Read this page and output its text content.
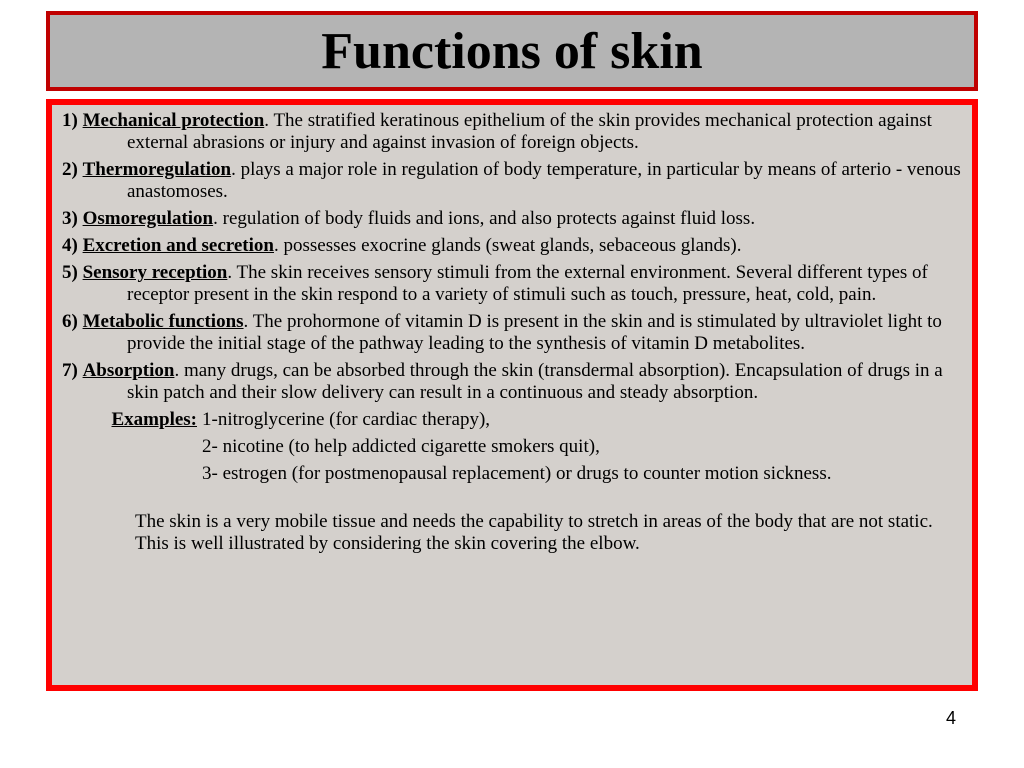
Functions of skin
1) Mechanical protection. The stratified keratinous epithelium of the skin provides mechanical protection against external abrasions or injury and against invasion of foreign objects.
2) Thermoregulation. plays a major role in regulation of body temperature, in particular by means of arterio - venous anastomoses.
3) Osmoregulation. regulation of body fluids and ions, and also protects against fluid loss.
4) Excretion and secretion. possesses exocrine glands (sweat glands, sebaceous glands).
5) Sensory reception. The skin receives sensory stimuli from the external environment. Several different types of receptor present in the skin respond to a variety of stimuli such as touch, pressure, heat, cold, pain.
6) Metabolic functions. The prohormone of vitamin D is present in the skin and is stimulated by ultraviolet light to provide the initial stage of the pathway leading to the synthesis of vitamin D metabolites.
7) Absorption. many drugs, can be absorbed through the skin (transdermal absorption). Encapsulation of drugs in a skin patch and their slow delivery can result in a continuous and steady absorption.
Examples: 1-nitroglycerine (for cardiac therapy),
2- nicotine (to help addicted cigarette smokers quit),
3- estrogen (for postmenopausal replacement) or drugs to counter motion sickness.
The skin is a very mobile tissue and needs the capability to stretch in areas of the body that are not static. This is well illustrated by considering the skin covering the elbow.
4
